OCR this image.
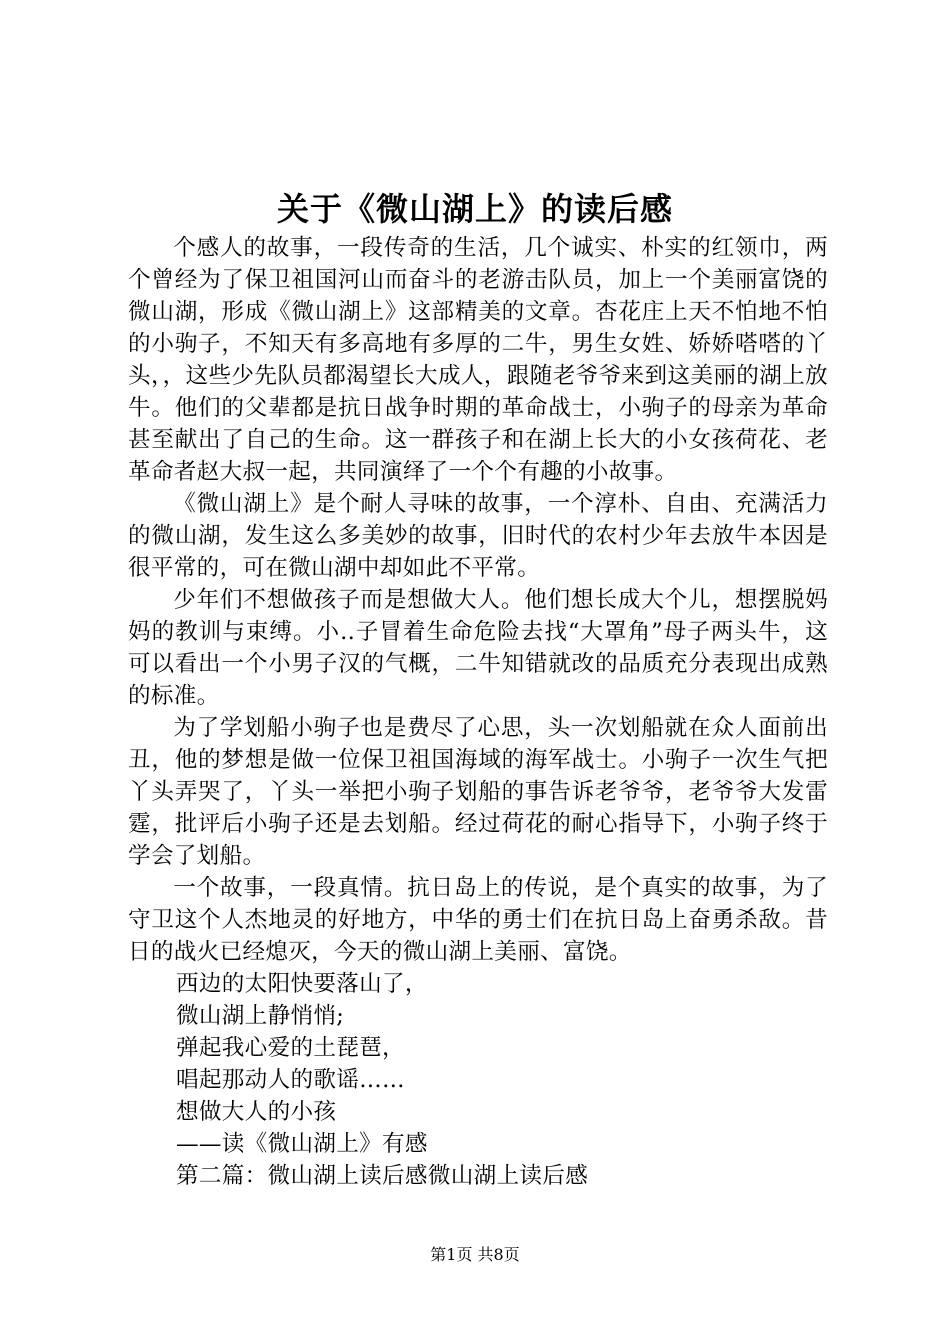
关于《微山湖上》的读后感

个感人的故事，一段传奇的生活，几个诚实、朴实的红领巾，两个曾经为了保卫祖国河山而奋斗的老游击队员，加上一个美丽富饶的微山湖，形成《微山湖上》这部精美的文章。杏花庄上天不怕地不怕的小驹子，不知天有多高地有多厚的二牛，男生女姓、娇娇嗒嗒的丫头，，这些少先队员都渴望长大成人，跟随老爷爷来到这美丽的湖上放牛。他们的父辈都是抗日战争时期的革命战士，小驹子的母亲为革命甚至献出了自己的生命。这一群孩子和在湖上长大的小女孩荷花、老革命者赵大叔一起，共同演绎了一个个有趣的小故事。

《微山湖上》是个耐人寻味的故事，一个淳朴、自由、充满活力的微山湖，发生这么多美妙的故事，旧时代的农村少年去放牛本因是很平常的，可在微山湖中却如此不平常。

少年们不想做孩子而是想做大人。他们想长成大个儿，想摆脱妈妈的教训与束缚。小..子冒着生命危险去找“大罩角”母子两头牛，这可以看出一个小男子汉的气概，二牛知错就改的品质充分表现出成熟的标准。

为了学划船小驹子也是费尽了心思，头一次划船就在众人面前出丑，他的梦想是做一位保卫祖国海域的海军战士。小驹子一次生气把丫头弄哭了，丫头一举把小驹子划船的事告诉老爷爷，老爷爷大发雷霆，批评后小驹子还是去划船。经过荷花的耐心指导下，小驹子终于学会了划船。

一个故事，一段真情。抗日岛上的传说，是个真实的故事，为了守卫这个人杰地灵的好地方，中华的勇士们在抗日岛上奋勇杀敌。昔日的战火已经熄灭，今天的微山湖上美丽、富饶。

西边的太阳快要落山了，

微山湖上静悄悄;

弹起我心爱的土琵琶，

唱起那动人的歌谣……

想做大人的小孩

——读《微山湖上》有感

第二篇：微山湖上读后感微山湖上读后感

第1页 共8页
